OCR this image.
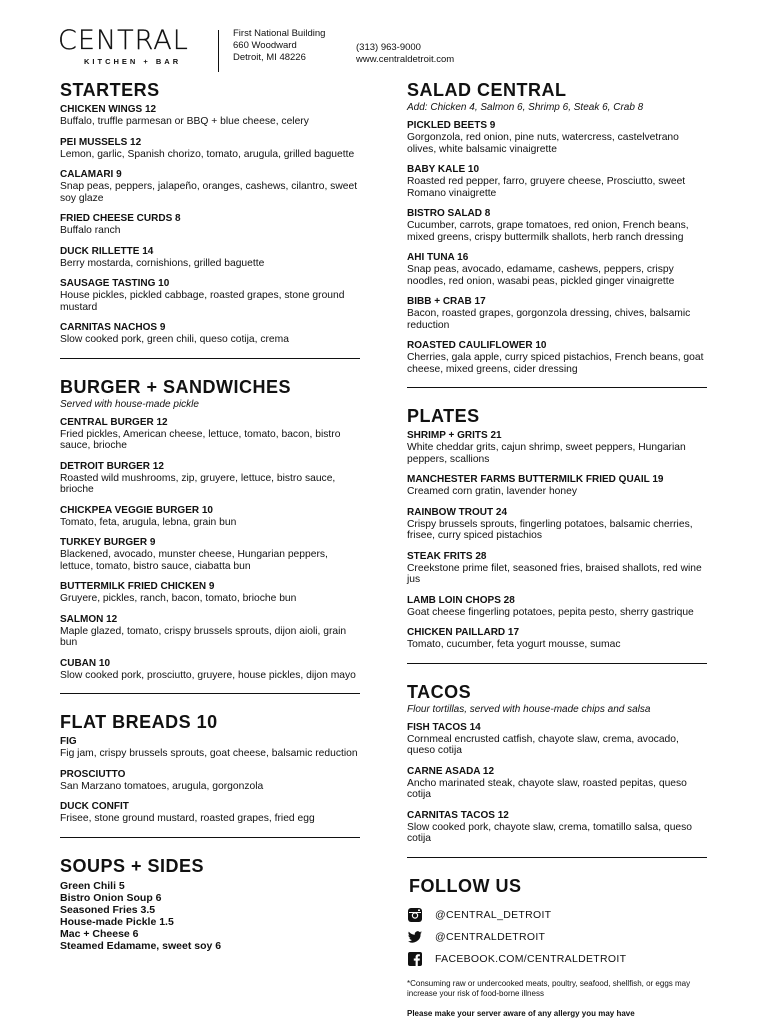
CENTRAL
KITCHEN + BAR
First National Building
660 Woodward
Detroit, MI 48226
(313) 963-9000
www.centraldetroit.com
STARTERS
CHICKEN WINGS 12
Buffalo, truffle parmesan or BBQ + blue cheese, celery
PEI MUSSELS 12
Lemon, garlic, Spanish chorizo, tomato, arugula, grilled baguette
CALAMARI 9
Snap peas, peppers, jalapeño, oranges, cashews, cilantro, sweet soy glaze
FRIED CHEESE CURDS 8
Buffalo ranch
DUCK RILLETTE 14
Berry mostarda, cornishions, grilled baguette
SAUSAGE TASTING 10
House pickles, pickled cabbage, roasted grapes, stone ground mustard
CARNITAS NACHOS 9
Slow cooked pork, green chili, queso cotija, crema
BURGER + SANDWICHES
Served with house-made pickle
CENTRAL BURGER 12
Fried pickles, American cheese, lettuce, tomato, bacon, bistro sauce, brioche
DETROIT BURGER 12
Roasted wild mushrooms, zip, gruyere, lettuce, bistro sauce, brioche
CHICKPEA VEGGIE BURGER 10
Tomato, feta, arugula, lebna, grain bun
TURKEY BURGER 9
Blackened, avocado, munster cheese, Hungarian peppers, lettuce, tomato, bistro sauce, ciabatta bun
BUTTERMILK FRIED CHICKEN 9
Gruyere, pickles, ranch, bacon, tomato, brioche bun
SALMON 12
Maple glazed, tomato, crispy brussels sprouts, dijon aioli, grain bun
CUBAN 10
Slow cooked pork, prosciutto, gruyere, house pickles, dijon mayo
FLAT BREADS 10
FIG
Fig jam, crispy brussels sprouts, goat cheese, balsamic reduction
PROSCIUTTO
San Marzano tomatoes, arugula, gorgonzola
DUCK CONFIT
Frisee, stone ground mustard, roasted grapes, fried egg
SOUPS + SIDES
Green Chili 5
Bistro Onion Soup 6
Seasoned Fries 3.5
House-made Pickle 1.5
Mac + Cheese 6
Steamed Edamame, sweet soy 6
SALAD CENTRAL
Add: Chicken 4, Salmon 6, Shrimp 6, Steak 6, Crab 8
PICKLED BEETS 9
Gorgonzola, red onion, pine nuts, watercress, castelvetrano olives, white balsamic vinaigrette
BABY KALE 10
Roasted red pepper, farro, gruyere cheese, Prosciutto, sweet Romano vinaigrette
BISTRO SALAD 8
Cucumber, carrots, grape tomatoes, red onion, French beans, mixed greens, crispy buttermilk shallots, herb ranch dressing
AHI TUNA 16
Snap peas, avocado, edamame, cashews, peppers, crispy noodles, red onion, wasabi peas, pickled ginger vinaigrette
BIBB + CRAB 17
Bacon, roasted grapes, gorgonzola dressing, chives, balsamic reduction
ROASTED CAULIFLOWER 10
Cherries, gala apple, curry spiced pistachios, French beans, goat cheese, mixed greens, cider dressing
PLATES
SHRIMP + GRITS 21
White cheddar grits, cajun shrimp, sweet peppers, Hungarian peppers, scallions
MANCHESTER FARMS BUTTERMILK FRIED QUAIL 19
Creamed corn gratin, lavender honey
RAINBOW TROUT 24
Crispy brussels sprouts, fingerling potatoes, balsamic cherries, frisee, curry spiced pistachios
STEAK FRITS 28
Creekstone prime filet, seasoned fries, braised shallots, red wine jus
LAMB LOIN CHOPS 28
Goat cheese fingerling potatoes, pepita pesto, sherry gastrique
CHICKEN PAILLARD 17
Tomato, cucumber, feta yogurt mousse, sumac
TACOS
Flour tortillas, served with house-made chips and salsa
FISH TACOS 14
Cornmeal encrusted catfish, chayote slaw, crema, avocado, queso cotija
CARNE ASADA 12
Ancho marinated steak, chayote slaw, roasted pepitas, queso cotija
CARNITAS TACOS 12
Slow cooked pork, chayote slaw, crema, tomatillo salsa, queso cotija
FOLLOW US
@CENTRAL_DETROIT
@CENTRALDETROIT
FACEBOOK.COM/CENTRALDETROIT
*Consuming raw or undercooked meats, poultry, seafood, shellfish, or eggs may increase your risk of food-borne illness
Please make your server aware of any allergy you may have
